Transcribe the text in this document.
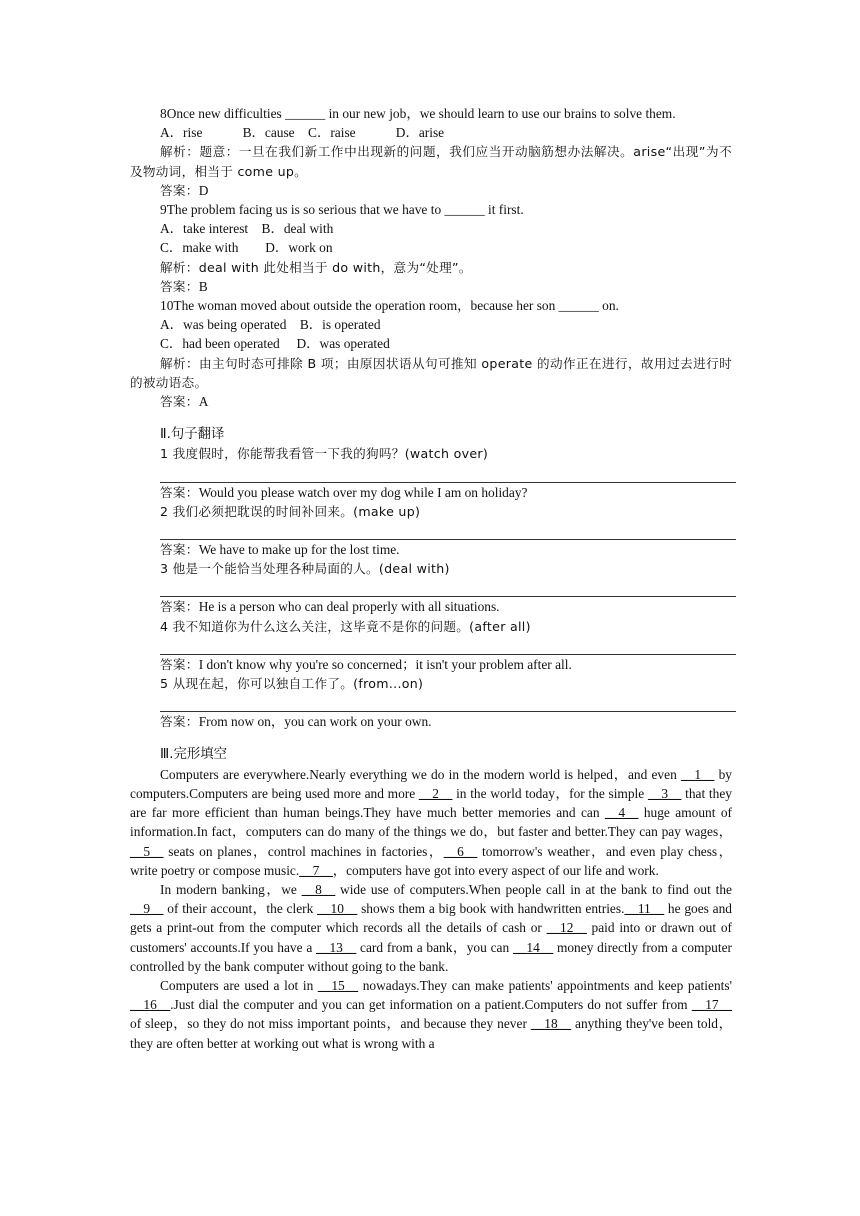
8Once new difficulties ______ in our new job，we should learn to use our brains to solve them.

A．rise　　　B．cause　C．raise　　　D．arise

解析：题意：一旦在我们新工作中出现新的问题，我们应当开动脑筋想办法解决。arise“出现”为不及物动词，相当于 come up。

答案：D

9The problem facing us is so serious that we have to ______ it first.

A．take interest　B．deal with

C．make with　　D．work on

解析：deal with 此处相当于 do with，意为“处理”。

答案：B

10The woman moved about outside the operation room，because her son ______ on.

A．was being operated　B．is operated

C．had been operated　 D．was operated

解析：由主句时态可排除 B 项；由原因状语从句可推知 operate 的动作正在进行，故用过去进行时的被动语态。

答案：A

Ⅱ.句子翻译

1 我度假时，你能帮我看管一下我的狗吗？(watch over)

答案：Would you please watch over my dog while I am on holiday?

2 我们必须把耽误的时间补回来。(make up)

答案：We have to make up for the lost time.

3 他是一个能恰当处理各种局面的人。(deal with)

答案：He is a person who can deal properly with all situations.

4 我不知道你为什么这么关注，这毕竟不是你的问题。(after all)

答案：I don't know why you're so concerned；it isn't your problem after all.

5 从现在起，你可以独自工作了。(from...on)

答案：From now on，you can work on your own.

Ⅲ.完形填空

Computers are everywhere.Nearly everything we do in the modern world is helped，and even __1__ by computers.Computers are being used more and more __2__ in the world today，for the simple __3__ that they are far more efficient than human beings.They have much better memories and can __4__ huge amount of information.In fact，computers can do many of the things we do，but faster and better.They can pay wages，__5__ seats on planes，control machines in factories，__6__ tomorrow's weather，and even play chess，write poetry or compose music.__7__，computers have got into every aspect of our life and work.

In modern banking，we __8__ wide use of computers.When people call in at the bank to find out the __9__ of their account，the clerk __10__ shows them a big book with handwritten entries.__11__ he goes and gets a print-out from the computer which records all the details of cash or __12__ paid into or drawn out of customers' accounts.If you have a __13__ card from a bank，you can __14__ money directly from a computer controlled by the bank computer without going to the bank.

Computers are used a lot in __15__ nowadays.They can make patients' appointments and keep patients' __16__.Just dial the computer and you can get information on a patient.Computers do not suffer from __17__ of sleep，so they do not miss important points，and because they never __18__ anything they've been told，they are often better at working out what is wrong with a
